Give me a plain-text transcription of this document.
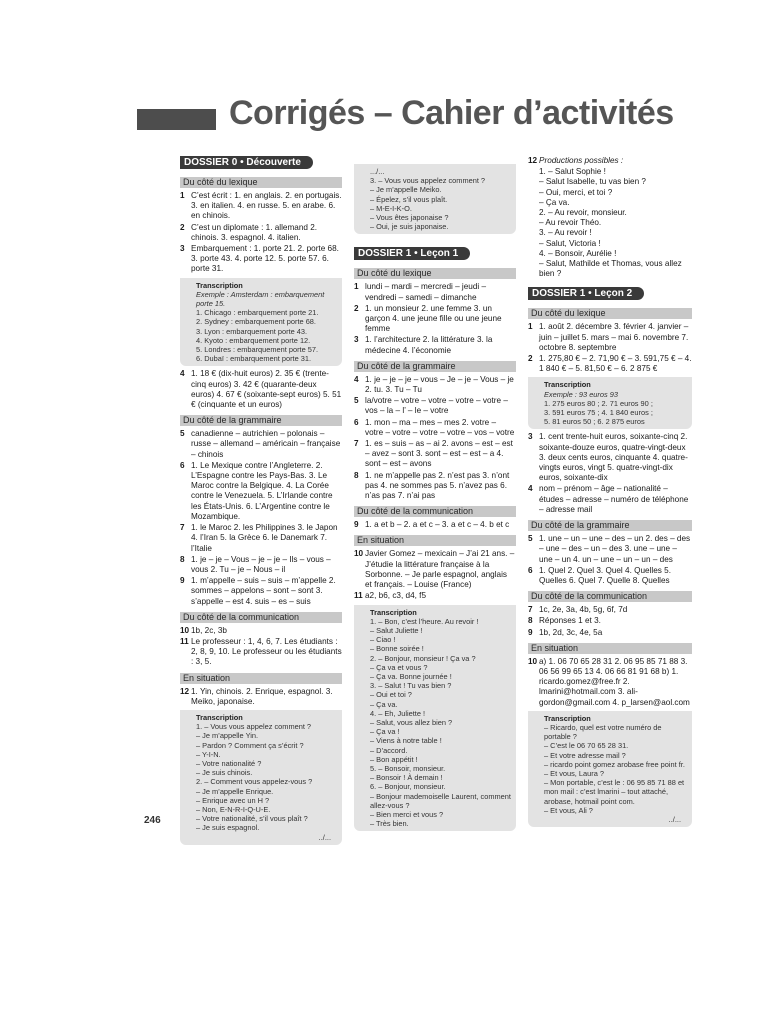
Corrigés – Cahier d’activités
DOSSIER 0 • Découverte
Du côté du lexique
1 C’est écrit : 1. en anglais. 2. en portugais. 3. en italien. 4. en russe. 5. en arabe. 6. en chinois.
2 C’est un diplomate : 1. allemand 2. chinois. 3. espagnol. 4. italien.
3 Embarquement : 1. porte 21. 2. porte 68. 3. porte 43. 4. porte 12. 5. porte 57. 6. porte 31.
Transcription
Exemple : Amsterdam : embarquement porte 15.
1. Chicago : embarquement porte 21.
2. Sydney : embarquement porte 68.
3. Lyon : embarquement porte 43.
4. Kyoto : embarquement porte 12.
5. Londres : embarquement porte 57.
6. Dubaï : embarquement porte 31.
4 1. 18 € (dix-huit euros) 2. 35 € (trente-cinq euros) 3. 42 € (quarante-deux euros) 4. 67 € (soixante-sept euros) 5. 51 € (cinquante et un euros)
Du côté de la grammaire
5 canadienne – autrichien – polonais – russe – allemand – américain – française – chinois
6 1. Le Mexique contre l’Angleterre. 2. L’Espagne contre les Pays-Bas. 3. Le Maroc contre la Belgique. 4. La Corée contre le Venezuela. 5. L’Irlande contre les États-Unis. 6. L’Argentine contre le Mozambique.
7 1. le Maroc 2. les Philippines 3. le Japon 4. l’Iran 5. la Grèce 6. le Danemark 7. l’Italie
8 1. je – je – Vous – je – je – Ils – vous – vous 2. Tu – je – Nous – il
9 1. m’appelle – suis – suis – m’appelle 2. sommes – appelons – sont – sont 3. s’appelle – est 4. suis – es – suis
Du côté de la communication
10 1b, 2c, 3b
11 Le professeur : 1, 4, 6, 7. Les étudiants : 2, 8, 9, 10. Le professeur ou les étudiants : 3, 5.
En situation
12 1. Yin, chinois. 2. Enrique, espagnol. 3. Meiko, japonaise.
Transcription
1. – Vous vous appelez comment ?
– Je m’appelle Yin.
– Pardon ? Comment ça s’écrit ?
– Y-I-N.
– Votre nationalité ?
– Je suis chinois.
2. – Comment vous appelez-vous ?
– Je m’appelle Enrique.
– Enrique avec un H ?
– Non, E-N-R-I-Q-U-E.
– Votre nationalité, s’il vous plaît ?
– Je suis espagnol.
../...
.../...
3. – Vous vous appelez comment ?
– Je m’appelle Meiko.
– Épelez, s’il vous plaît.
– M-E-I-K-O.
– Vous êtes japonaise ?
– Oui, je suis japonaise.
DOSSIER 1 • Leçon 1
Du côté du lexique
1 lundi – mardi – mercredi – jeudi – vendredi – samedi – dimanche
2 1. un monsieur 2. une femme 3. un garçon 4. une jeune fille ou une jeune femme
3 1. l’architecture 2. la littérature 3. la médecine 4. l’économie
Du côté de la grammaire
4 1. je – je – je – vous – Je – je – Vous – je 2. tu. 3. Tu – Tu
5 la/votre – votre – votre – votre – votre – vos – la – l’ – le – votre
6 1. mon – ma – mes – mes 2. votre – votre – votre – votre – votre – vos – votre
7 1. es – suis – as – ai 2. avons – est – est – avez – sont 3. sont – est – est – a 4. sont – est – avons
8 1. ne m’appelle pas 2. n’est pas 3. n’ont pas 4. ne sommes pas 5. n’avez pas 6. n’as pas 7. n’ai pas
Du côté de la communication
9 1. a et b – 2. a et c – 3. a et c – 4. b et c
En situation
10 Javier Gomez – mexicain – J’ai 21 ans. – J’étudie la littérature française à la Sorbonne. – Je parle espagnol, anglais et français. – Louise (France)
11 a2, b6, c3, d4, f5
Transcription
1. – Bon, c’est l’heure. Au revoir !
– Salut Juliette !
– Ciao !
– Bonne soirée !
2. – Bonjour, monsieur ! Ça va ?
– Ça va et vous ?
– Ça va. Bonne journée !
3. – Salut ! Tu vas bien ?
– Oui et toi ?
– Ça va.
4. – Eh, Juliette !
– Salut, vous allez bien ?
– Ça va !
– Viens à notre table !
– D’accord.
– Bon appétit !
5. – Bonsoir, monsieur.
– Bonsoir ! À demain !
6. – Bonjour, monsieur.
– Bonjour mademoiselle Laurent, comment allez-vous ?
– Bien merci et vous ?
– Très bien.
12 Productions possibles :
1. – Salut Sophie !
– Salut Isabelle, tu vas bien ?
– Oui, merci, et toi ?
– Ça va.
2. – Au revoir, monsieur.
– Au revoir Théo.
3. – Au revoir !
– Salut, Victoria !
4. – Bonsoir, Aurélie !
– Salut, Mathilde et Thomas, vous allez bien ?
DOSSIER 1 • Leçon 2
Du côté du lexique
1 1. août 2. décembre 3. février 4. janvier – juin – juillet 5. mars – mai 6. novembre 7. octobre 8. septembre
2 1. 275,80 € – 2. 71,90 € – 3. 591,75 € – 4. 1 840 € – 5. 81,50 € – 6. 2 875 €
Transcription
Exemple : 93 euros 93
1. 275 euros 80 ; 2. 71 euros 90 ;
3. 591 euros 75 ; 4. 1 840 euros ;
5. 81 euros 50 ; 6. 2 875 euros
3 1. cent trente-huit euros, soixante-cinq 2. soixante-douze euros, quatre-vingt-deux 3. deux cents euros, cinquante 4. quatre-vingts euros, vingt 5. quatre-vingt-dix euros, soixante-dix
4 nom – prénom – âge – nationalité – études – adresse – numéro de téléphone – adresse mail
Du côté de la grammaire
5 1. une – un – une – des – un 2. des – des – une – des – un – des 3. une – une – une – un 4. un – une – un – un – des
6 1. Quel 2. Quel 3. Quel 4. Quelles 5. Quelles 6. Quel 7. Quelle 8. Quelles
Du côté de la communication
7 1c, 2e, 3a, 4b, 5g, 6f, 7d
8 Réponses 1 et 3.
9 1b, 2d, 3c, 4e, 5a
En situation
10 a) 1. 06 70 65 28 31 2. 06 95 85 71 88 3. 06 56 99 65 13 4. 06 66 81 91 68 b) 1. ricardo.gomez@free.fr 2. lmarini@hotmail.com 3. ali-gordon@gmail.com 4. p_larsen@aol.com
Transcription
– Ricardo, quel est votre numéro de portable ?
– C’est le 06 70 65 28 31.
– Et votre adresse mail ?
– ricardo point gomez arobase free point fr.
– Et vous, Laura ?
– Mon portable, c’est le : 06 95 85 71 88 et mon mail : c’est lmarini – tout attaché, arobase, hotmail point com.
– Et vous, Ali ?
../...
246
